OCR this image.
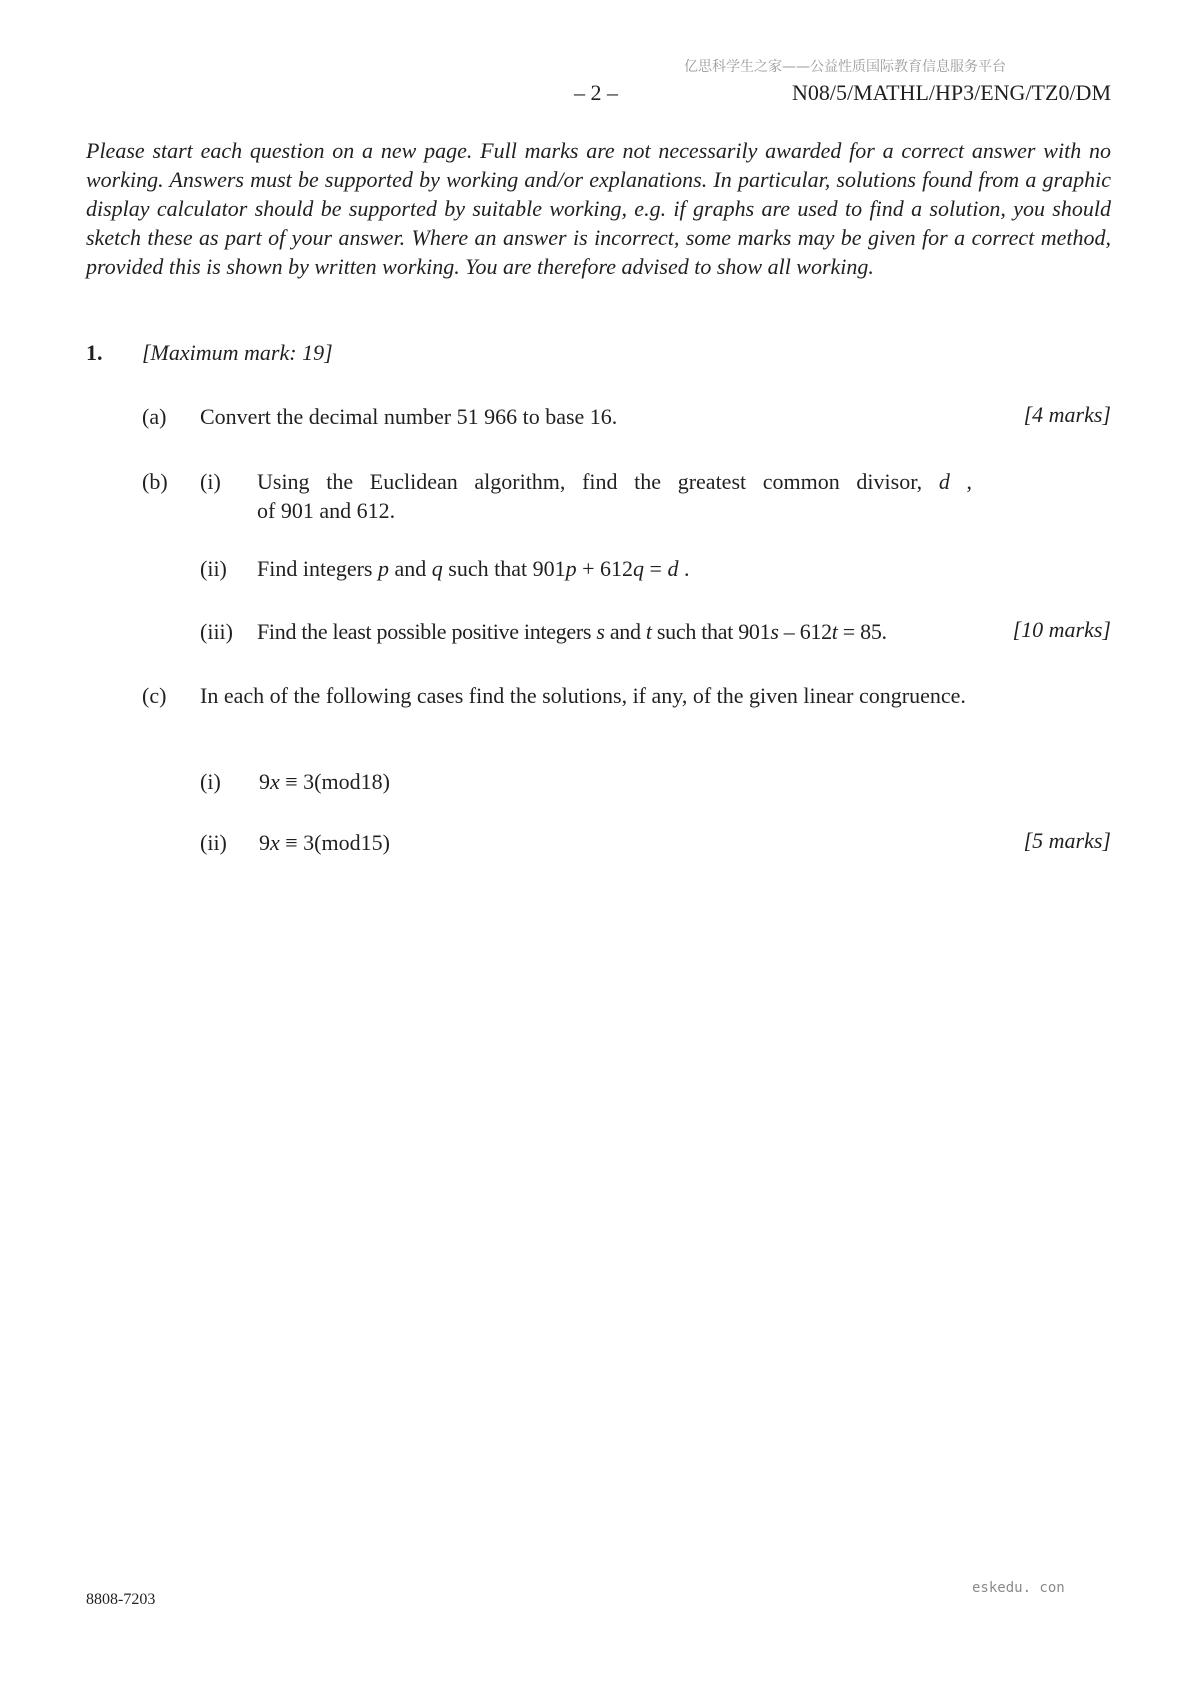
亿思科学生之家——公益性质国际教育信息服务平台
– 2 –	N08/5/MATHL/HP3/ENG/TZ0/DM

Please start each question on a new page. Full marks are not necessarily awarded for a correct answer with no working. Answers must be supported by working and/or explanations. In particular, solutions found from a graphic display calculator should be supported by suitable working, e.g. if graphs are used to find a solution, you should sketch these as part of your answer. Where an answer is incorrect, some marks may be given for a correct method, provided this is shown by written working. You are therefore advised to show all working.

1. [Maximum mark: 19]
(a) Convert the decimal number 51 966 to base 16.	[4 marks]
(b) (i) Using the Euclidean algorithm, find the greatest common divisor, d ,

of 901 and 612.

(ii) Find integers p and q such that 901p + 612q = d .
(iii) Find the least possible positive integers s and t such that 901s – 612t = 85.	[10 marks]
(c) In each of the following cases find the solutions, if any, of the given linear congruence.

(i) 9x ≡ 3(mod18)
(ii) 9x ≡ 3(mod15)	[5 marks]
eskedu. con
8808-7203
